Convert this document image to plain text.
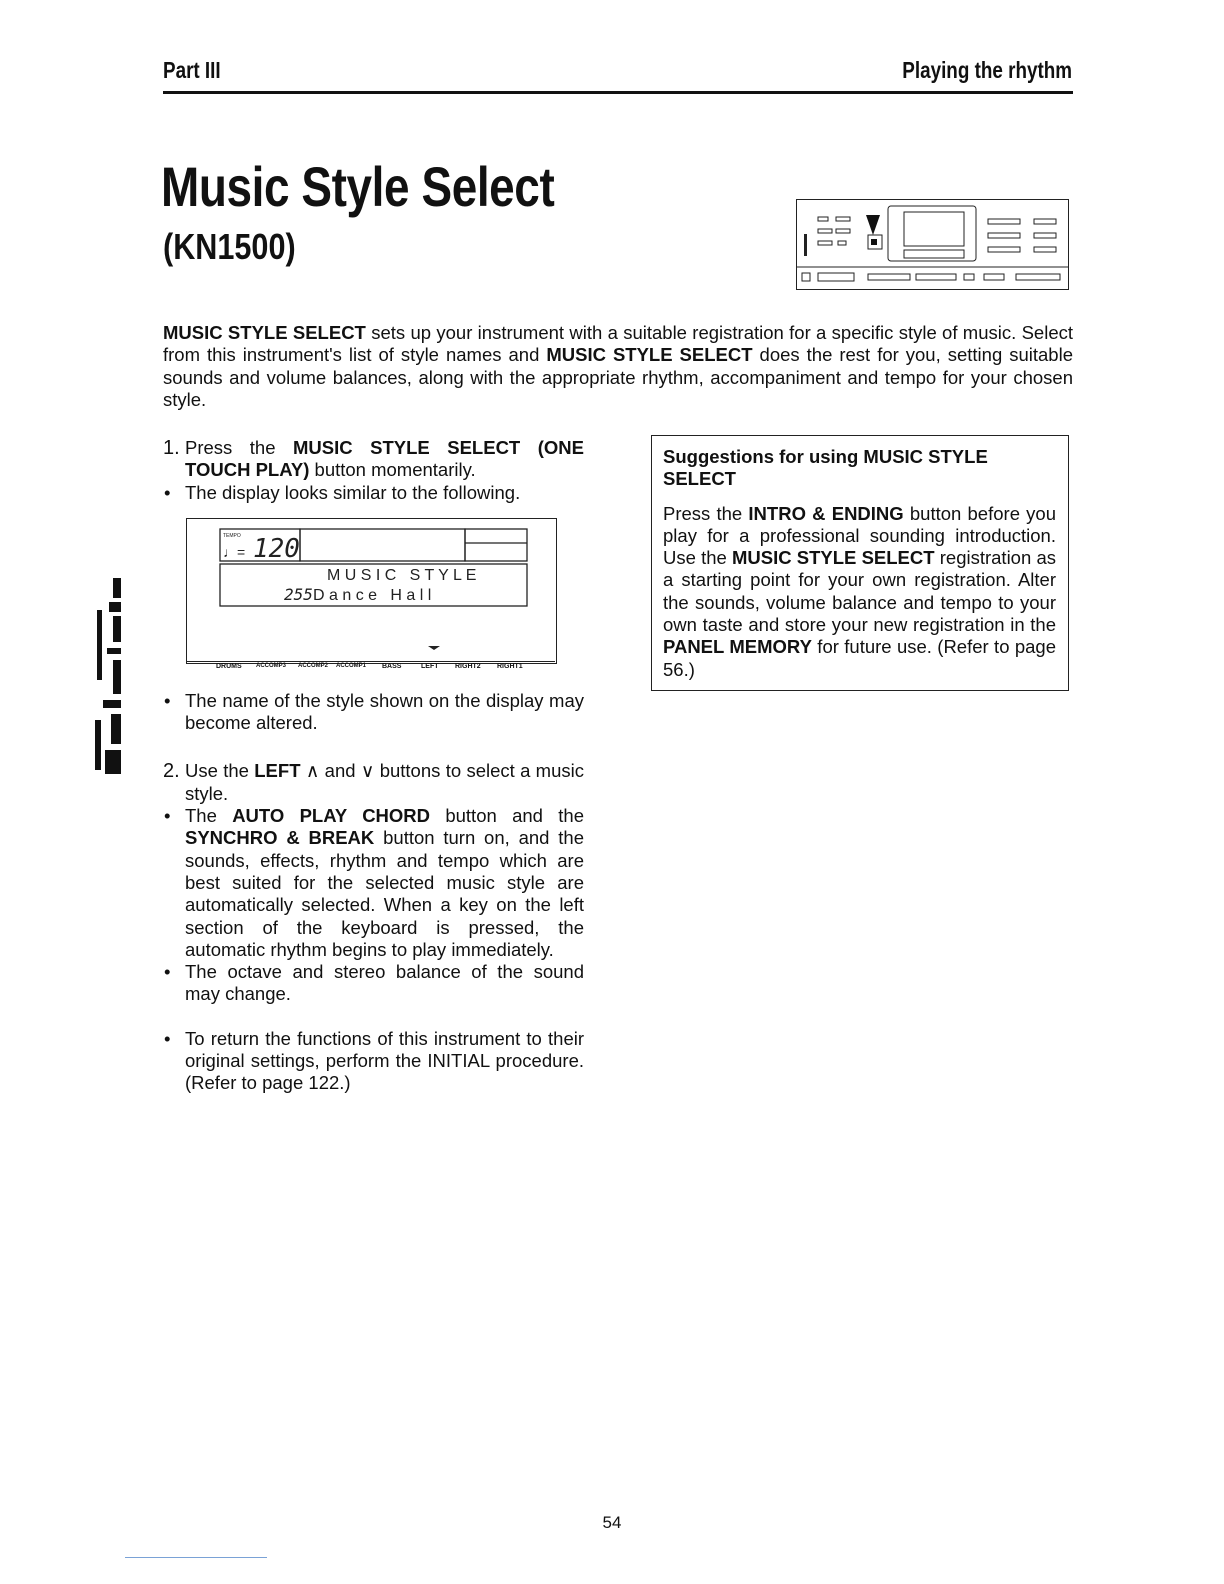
Part III	Playing the rhythm
Music Style Select
(KN1500)
MUSIC STYLE SELECT sets up your instrument with a suitable registration for a specific style of music. Select from this instrument's list of style names and MUSIC STYLE SELECT does the rest for you, setting suitable sounds and volume balances, along with the appropriate rhythm, accompaniment and tempo for your chosen style.
1. Press the MUSIC STYLE SELECT (ONE TOUCH PLAY) button momentarily.
• The display looks similar to the following.
• The name of the style shown on the display may become altered.
2. Use the LEFT ∧ and ∨ buttons to select a music style.
• The AUTO PLAY CHORD button and the SYNCHRO & BREAK button turn on, and the sounds, effects, rhythm and tempo which are best suited for the selected music style are automatically selected. When a key on the left section of the keyboard is pressed, the automatic rhythm begins to play immediately.
• The octave and stereo balance of the sound may change.
• To return the functions of this instrument to their original settings, perform the INITIAL procedure. (Refer to page 122.)
TEMPO
♩= 120
M U S I C   S T Y L E
255 D a n c e   H a l l
DRUMS ACCOMP3 ACCOMP2 ACCOMP1 BASS	LEFT RIGHT2 RIGHT1
Suggestions for using MUSIC STYLE SELECT
Press the INTRO & ENDING button before you play for a professional sounding introduction. Use the MUSIC STYLE SELECT registration as a starting point for your own registration. Alter the sounds, volume balance and tempo to your own taste and store your new registration in the PANEL MEMORY for future use. (Refer to page 56.)
54
